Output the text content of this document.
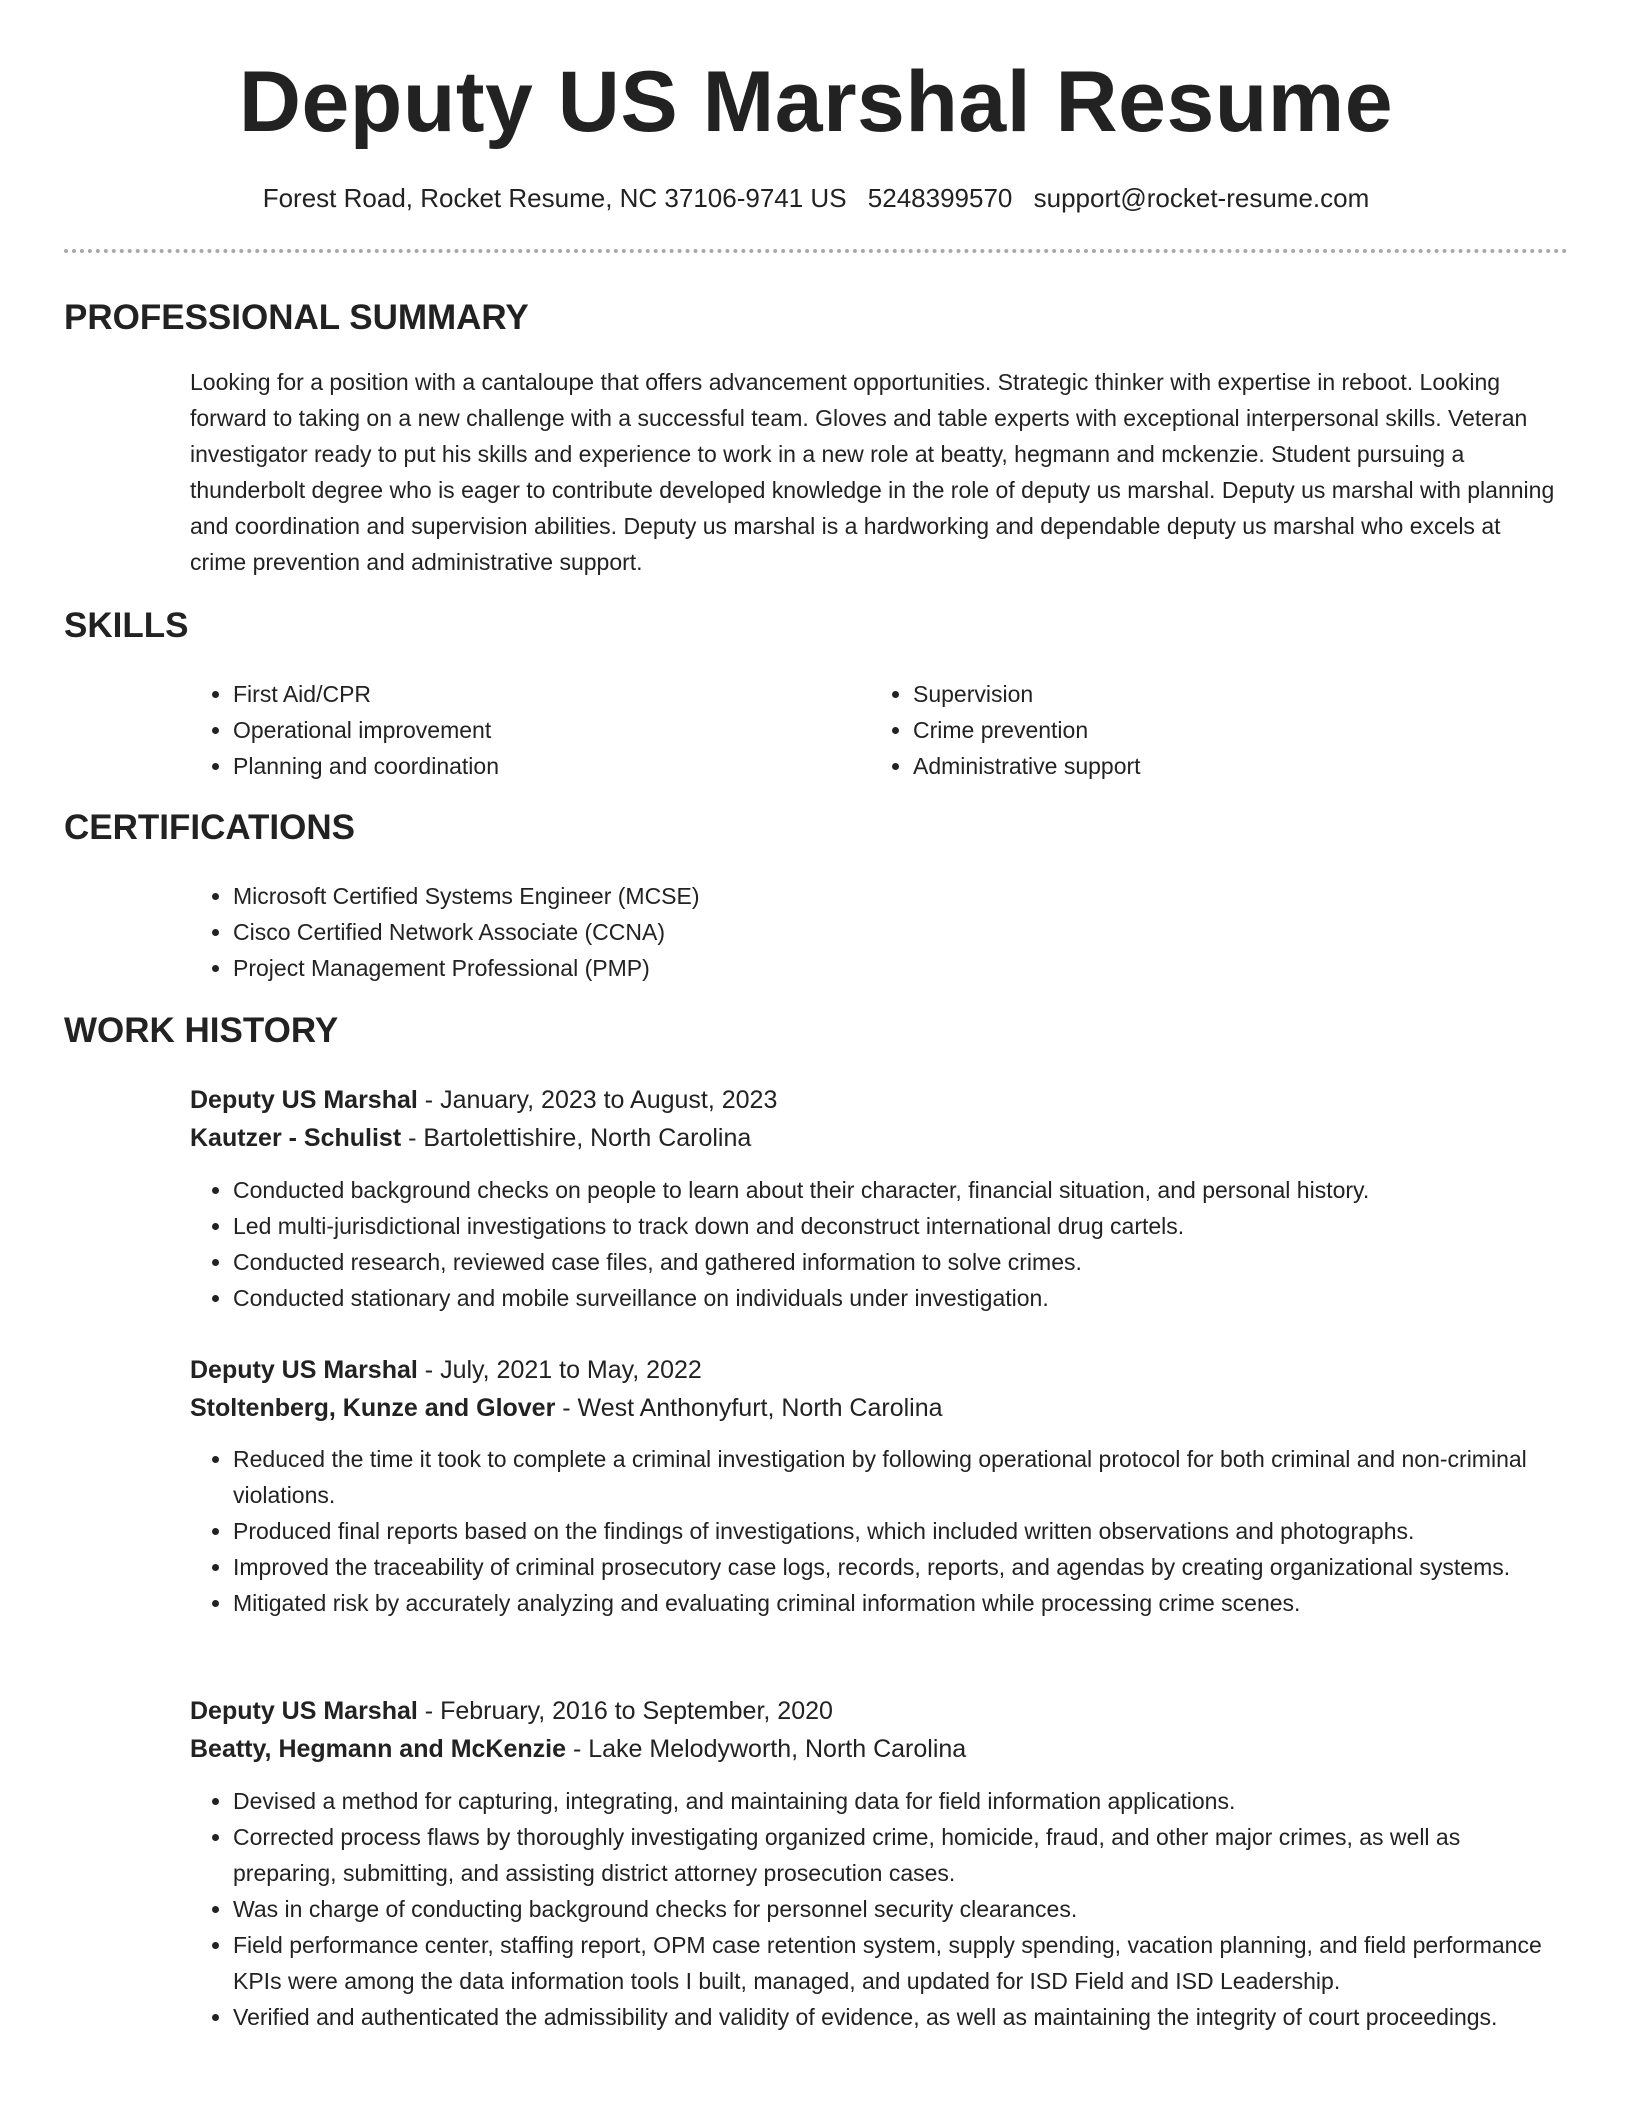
Deputy US Marshal Resume
Forest Road, Rocket Resume, NC 37106-9741 US 5248399570 support@rocket-resume.com
PROFESSIONAL SUMMARY

Looking for a position with a cantaloupe that offers advancement opportunities. Strategic thinker with expertise in reboot. Looking forward to taking on a new challenge with a successful team. Gloves and table experts with exceptional interpersonal skills. Veteran investigator ready to put his skills and experience to work in a new role at beatty, hegmann and mckenzie. Student pursuing a thunderbolt degree who is eager to contribute developed knowledge in the role of deputy us marshal. Deputy us marshal with planning and coordination and supervision abilities. Deputy us marshal is a hardworking and dependable deputy us marshal who excels at crime prevention and administrative support.

SKILLS
• First Aid/CPR
• Operational improvement
• Planning and coordination
• Supervision
• Crime prevention
• Administrative support
CERTIFICATIONS
• Microsoft Certified Systems Engineer (MCSE)
• Cisco Certified Network Associate (CCNA)
• Project Management Professional (PMP)
WORK HISTORY
Deputy US Marshal - January, 2023 to August, 2023
Kautzer - Schulist - Bartolettishire, North Carolina
• Conducted background checks on people to learn about their character, financial situation, and personal history.
• Led multi-jurisdictional investigations to track down and deconstruct international drug cartels.
• Conducted research, reviewed case files, and gathered information to solve crimes.
• Conducted stationary and mobile surveillance on individuals under investigation.
Deputy US Marshal - July, 2021 to May, 2022
Stoltenberg, Kunze and Glover - West Anthonyfurt, North Carolina
• Reduced the time it took to complete a criminal investigation by following operational protocol for both criminal and non-criminal violations.
• Produced final reports based on the findings of investigations, which included written observations and photographs.
• Improved the traceability of criminal prosecutory case logs, records, reports, and agendas by creating organizational systems.
• Mitigated risk by accurately analyzing and evaluating criminal information while processing crime scenes.
Deputy US Marshal - February, 2016 to September, 2020
Beatty, Hegmann and McKenzie - Lake Melodyworth, North Carolina
• Devised a method for capturing, integrating, and maintaining data for field information applications.
• Corrected process flaws by thoroughly investigating organized crime, homicide, fraud, and other major crimes, as well as preparing, submitting, and assisting district attorney prosecution cases.
• Was in charge of conducting background checks for personnel security clearances.
• Field performance center, staffing report, OPM case retention system, supply spending, vacation planning, and field performance KPIs were among the data information tools I built, managed, and updated for ISD Field and ISD Leadership.
• Verified and authenticated the admissibility and validity of evidence, as well as maintaining the integrity of court proceedings.
